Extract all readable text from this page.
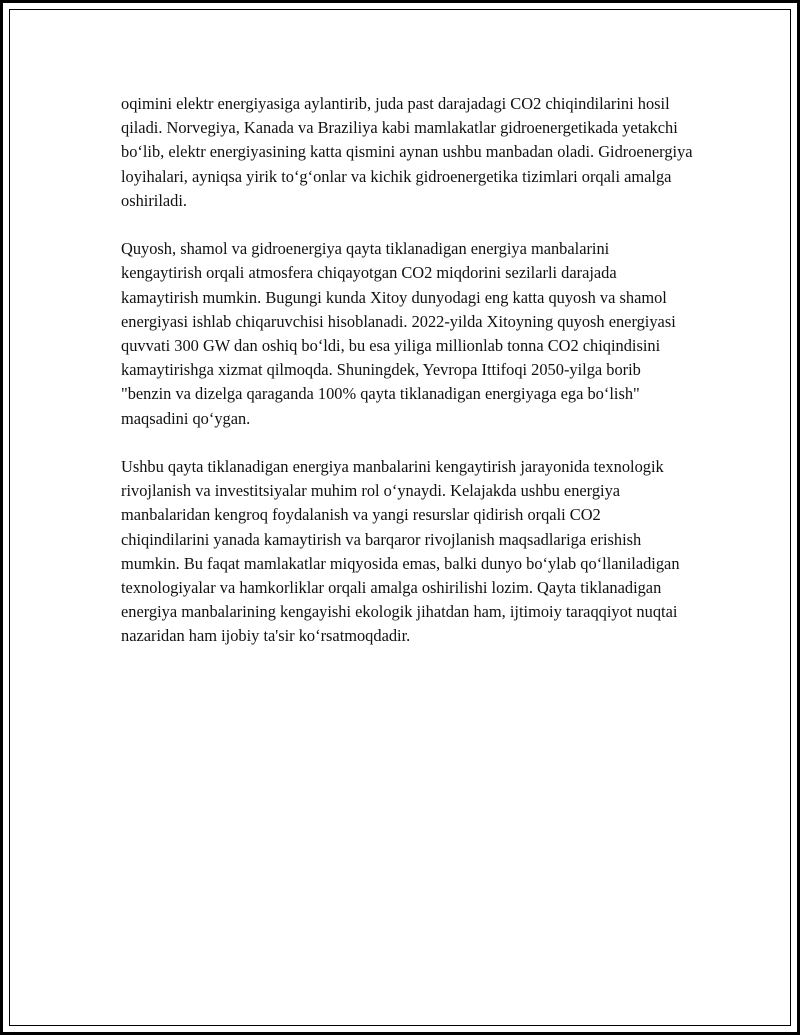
oqimini elektr energiyasiga aylantirib, juda past darajadagi CO2 chiqindilarini hosil qiladi. Norvegiya, Kanada va Braziliya kabi mamlakatlar gidroenergetikada yetakchi bo‘lib, elektr energiyasining katta qismini aynan ushbu manbadan oladi. Gidroenergiya loyihalari, ayniqsa yirik to‘g‘onlar va kichik gidroenergetika tizimlari orqali amalga oshiriladi.

Quyosh, shamol va gidroenergiya qayta tiklanadigan energiya manbalarini kengaytirish orqali atmosfera chiqayotgan CO2 miqdorini sezilarli darajada kamaytirish mumkin. Bugungi kunda Xitoy dunyodagi eng katta quyosh va shamol energiyasi ishlab chiqaruvchisi hisoblanadi. 2022-yilda Xitoyning quyosh energiyasi quvvati 300 GW dan oshiq bo‘ldi, bu esa yiliga millionlab tonna CO2 chiqindisini kamaytirishga xizmat qilmoqda. Shuningdek, Yevropa Ittifoqi 2050-yilga borib "benzin va dizelga qaraganda 100% qayta tiklanadigan energiyaga ega bo‘lish" maqsadini qo‘ygan.

Ushbu qayta tiklanadigan energiya manbalarini kengaytirish jarayonida texnologik rivojlanish va investitsiyalar muhim rol o‘ynaydi. Kelajakda ushbu energiya manbalaridan kengroq foydalanish va yangi resurslar qidirish orqali CO2 chiqindilarini yanada kamaytirish va barqaror rivojlanish maqsadlariga erishish mumkin. Bu faqat mamlakatlar miqyosida emas, balki dunyo bo‘ylab qo‘llaniladigan texnologiyalar va hamkorliklar orqali amalga oshirilishi lozim. Qayta tiklanadigan energiya manbalarining kengayishi ekologik jihatdan ham, ijtimoiy taraqqiyot nuqtai nazaridan ham ijobiy ta'sir ko‘rsatmoqdadir.
